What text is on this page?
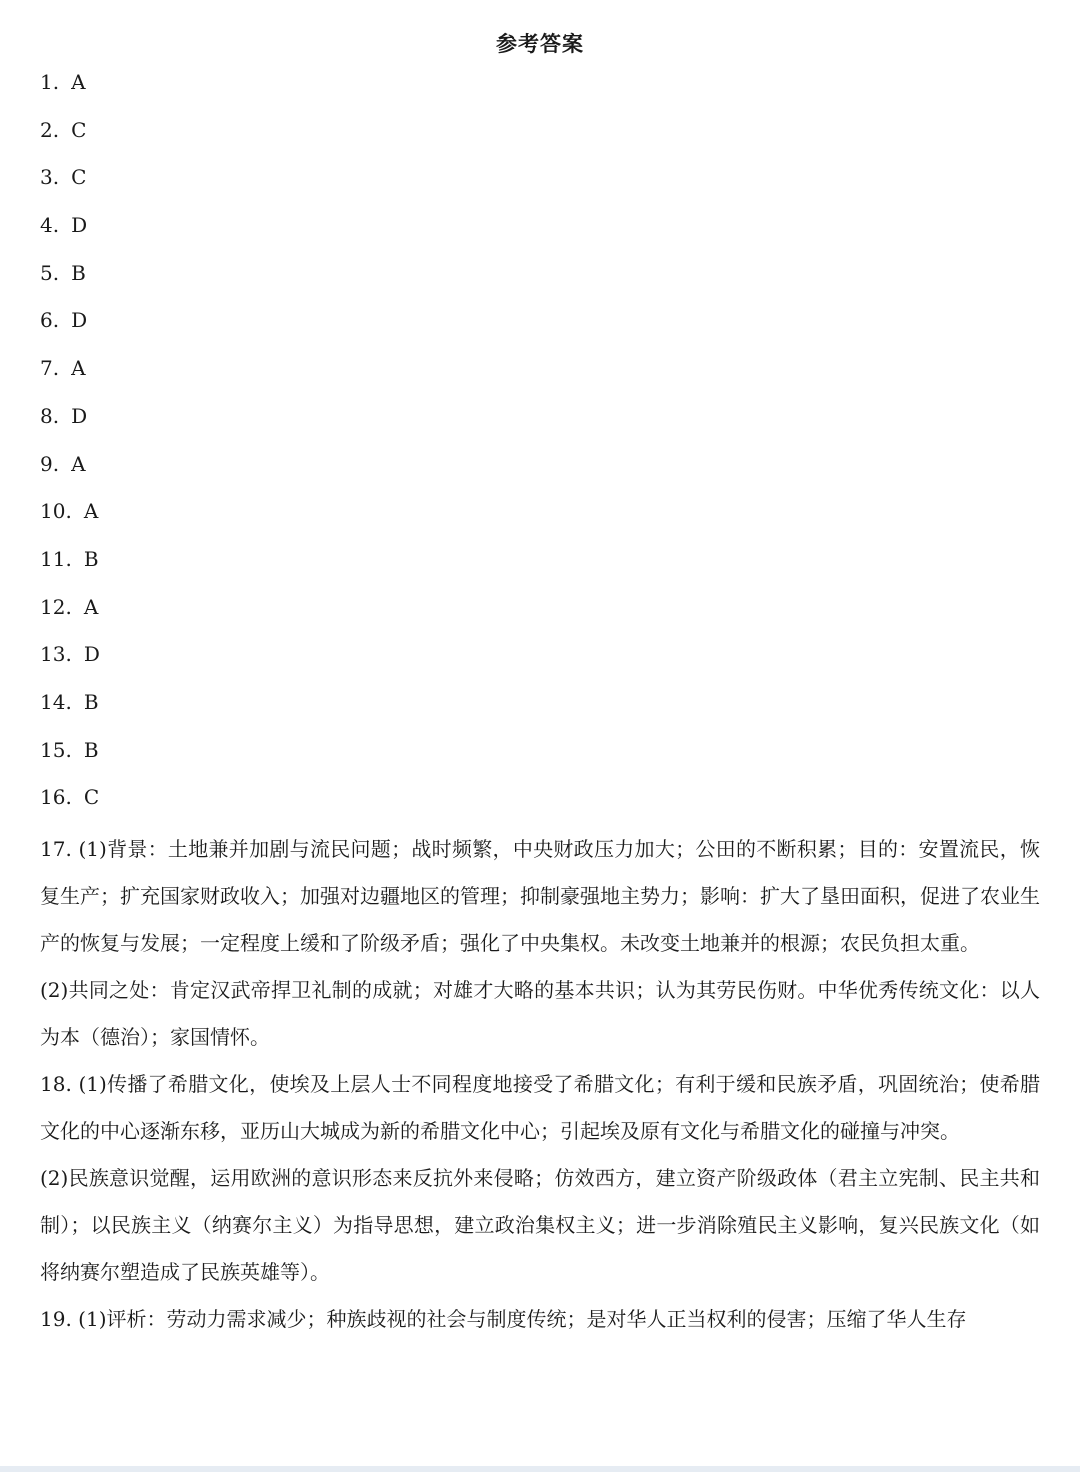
参考答案
1. A
2. C
3. C
4. D
5. B
6. D
7. A
8. D
9. A
10. A
11. B
12. A
13. D
14. B
15. B
16. C

17. (1)背景：土地兼并加剧与流民问题；战时频繁，中央财政压力加大；公田的不断积累；目的：安置流民，恢复生产；扩充国家财政收入；加强对边疆地区的管理；抑制豪强地主势力；影响：扩大了垦田面积，促进了农业生产的恢复与发展；一定程度上缓和了阶级矛盾；强化了中央集权。未改变土地兼并的根源；农民负担太重。

(2)共同之处：肯定汉武帝捍卫礼制的成就；对雄才大略的基本共识；认为其劳民伤财。中华优秀传统文化：以人为本（德治）；家国情怀。

18. (1)传播了希腊文化，使埃及上层人士不同程度地接受了希腊文化；有利于缓和民族矛盾，巩固统治；使希腊文化的中心逐渐东移，亚历山大城成为新的希腊文化中心；引起埃及原有文化与希腊文化的碰撞与冲突。

(2)民族意识觉醒，运用欧洲的意识形态来反抗外来侵略；仿效西方，建立资产阶级政体（君主立宪制、民主共和制）；以民族主义（纳赛尔主义）为指导思想，建立政治集权主义；进一步消除殖民主义影响，复兴民族文化（如将纳赛尔塑造成了民族英雄等）。

19. (1)评析：劳动力需求减少；种族歧视的社会与制度传统；是对华人正当权利的侵害；压缩了华人生存
